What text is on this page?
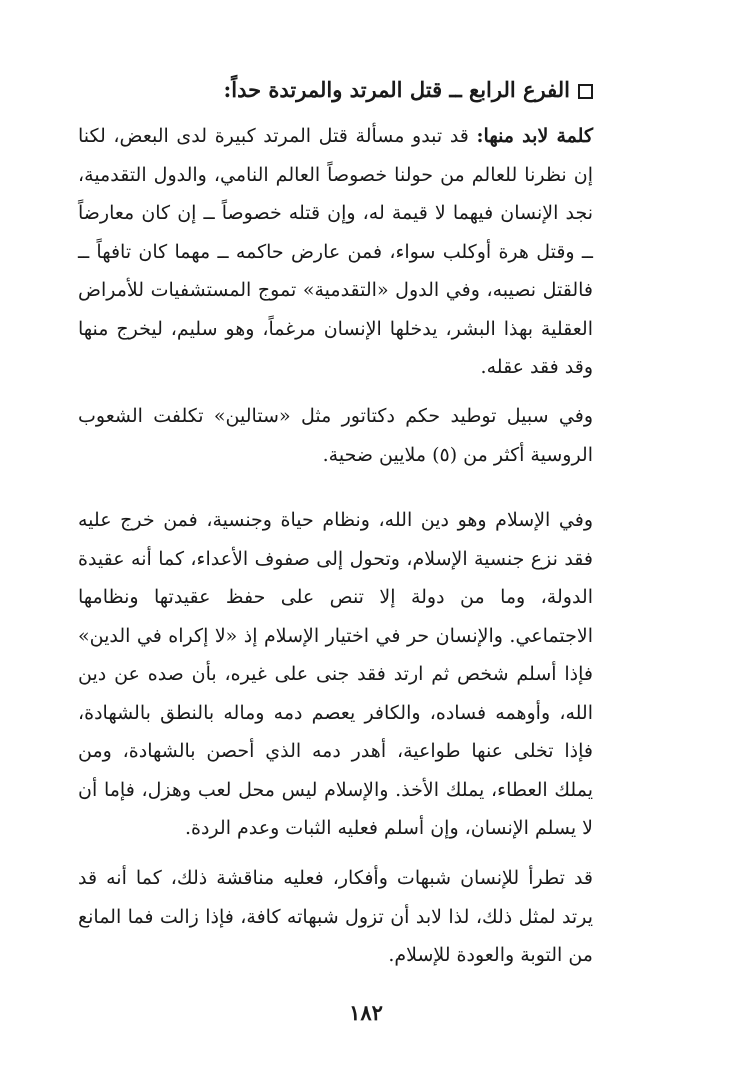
الفرع الرابع ــ قتل المرتد والمرتدة حداً:
كلمة لابد منها: قد تبدو مسألة قتل المرتد كبيرة لدى البعض، لكنا إن نظرنا للعالم من حولنا خصوصاً العالم النامي، والدول التقدمية، نجد الإنسان فيهما لا قيمة له، وإن قتله خصوصاً ــ إن كان معارضاً ــ وقتل هرة أوكلب سواء، فمن عارض حاكمه ــ مهما كان تافهاً ــ فالقتل نصيبه، وفي الدول «التقدمية» تموج المستشفيات للأمراض العقلية بهذا البشر، يدخلها الإنسان مرغماً، وهو سليم، ليخرج منها وقد فقد عقله.
وفي سبيل توطيد حكم دكتاتور مثل «ستالين» تكلفت الشعوب الروسية أكثر من (٥) ملايين ضحية.
وفي الإسلام وهو دين الله، ونظام حياة وجنسية، فمن خرج عليه فقد نزع جنسية الإسلام، وتحول إلى صفوف الأعداء، كما أنه عقيدة الدولة، وما من دولة إلا تنص على حفظ عقيدتها ونظامها الاجتماعي. والإنسان حر في اختيار الإسلام إذ «لا إكراه في الدين» فإذا أسلم شخص ثم ارتد فقد جنى على غيره، بأن صده عن دين الله، وأوهمه فساده، والكافر يعصم دمه وماله بالنطق بالشهادة، فإذا تخلى عنها طواعية، أهدر دمه الذي أحصن بالشهادة، ومن يملك العطاء، يملك الأخذ. والإسلام ليس محل لعب وهزل، فإما أن لا يسلم الإنسان، وإن أسلم فعليه الثبات وعدم الردة.
قد تطرأ للإنسان شبهات وأفكار، فعليه مناقشة ذلك، كما أنه قد يرتد لمثل ذلك، لذا لابد أن تزول شبهاته كافة، فإذا زالت فما المانع من التوبة والعودة للإسلام.
١٨٢
